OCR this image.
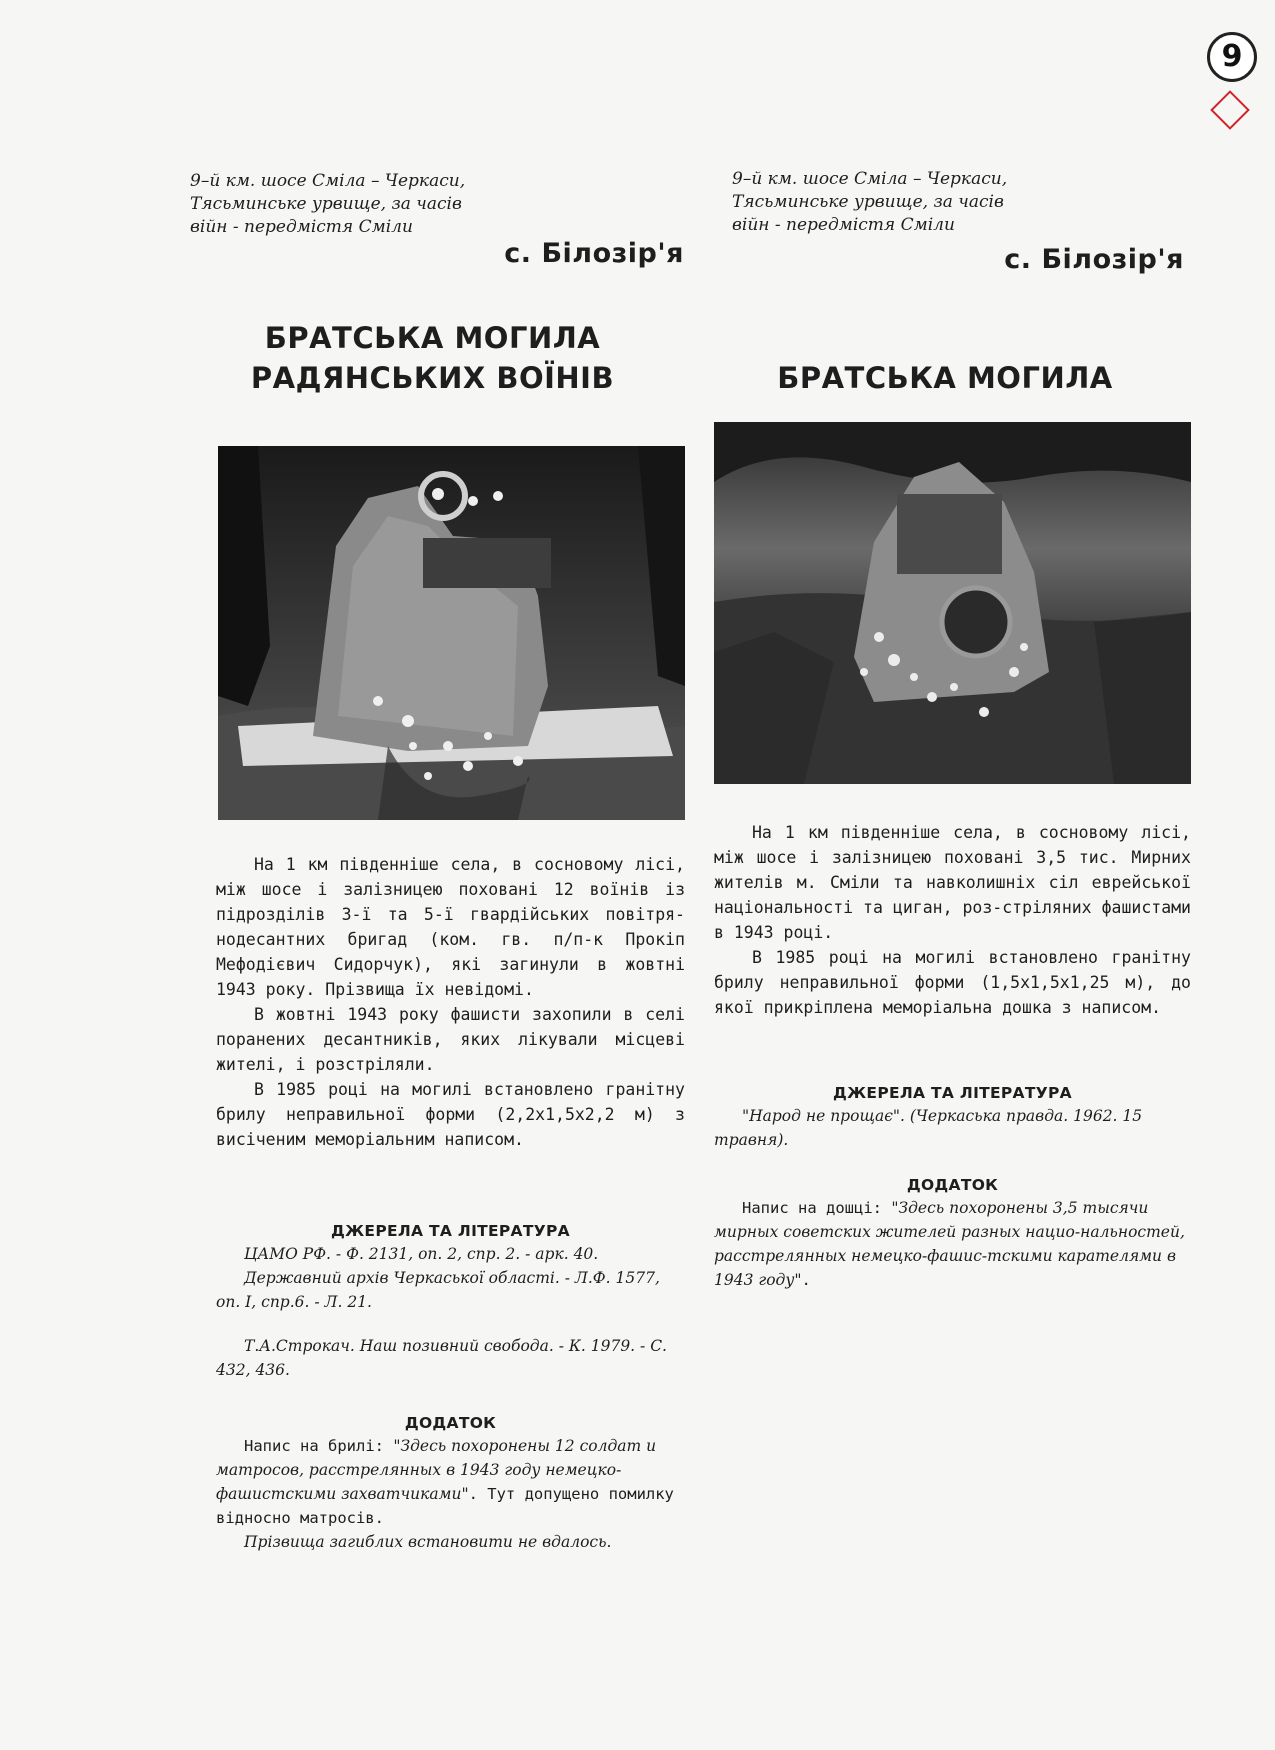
9

9–й км. шосе Сміла – Черкаси,
Тясьминське урвище, за часів
війн - передмістя Сміли

с. Білозір'я
БРАТСЬКА МОГИЛА
РАДЯНСЬКИХ ВОЇНІВ

На 1 км південніше села, в сосновому лісі, між шосе і залізницею поховані 12 воїнів із підрозділів 3-ї та 5-ї гвардійських повітря-нодесантних бригад (ком. гв. п/п-к Прокіп Мефодієвич Сидорчук), які загинули в жовтні 1943 року. Прізвища їх невідомі.

В жовтні 1943 року фашисти захопили в селі поранених десантників, яких лікували місцеві жителі, і розстріляли.

В 1985 році на могилі встановлено гранітну брилу неправильної форми (2,2х1,5х2,2 м) з висіченим меморіальним написом.

ДЖЕРЕЛА ТА ЛІТЕРАТУРА

ЦАМО РФ. - Ф. 2131, оп. 2, спр. 2. - арк. 40.

Державний архів Черкаської області. - Л.Ф. 1577, оп. I, спр.6. - Л. 21.

Т.А.Строкач. Наш позивний свобода. - К. 1979. - С. 432, 436.

ДОДАТОК

Напис на брилі: "Здесь похоронены 12 солдат и матросов, расстрелянных в 1943 году немецко-фашистскими захватчиками". Тут допущено помилку відносно матросів.

Прізвища загиблих встановити не вдалось.

9–й км. шосе Сміла – Черкаси,
Тясьминське урвище, за часів
війн - передмістя Сміли

с. Білозір'я
БРАТСЬКА МОГИЛА

На 1 км південніше села, в сосновому лісі, між шосе і залізницею поховані 3,5 тис. Мирних жителів м. Сміли та навколишніх сіл еврейської національності та циган, роз-стріляних фашистами в 1943 році.

В 1985 році на могилі встановлено гранітну брилу неправильної форми (1,5х1,5х1,25 м), до якої прикріплена меморіальна дошка з написом.

ДЖЕРЕЛА ТА ЛІТЕРАТУРА

"Народ не прощає". (Черкаська правда. 1962. 15 травня).

ДОДАТОК

Напис на дошці: "Здесь похоронены 3,5 тысячи мирных советских жителей разных нацио-нальностей, расстрелянных немецко-фашис-тскими карателями в 1943 году".
